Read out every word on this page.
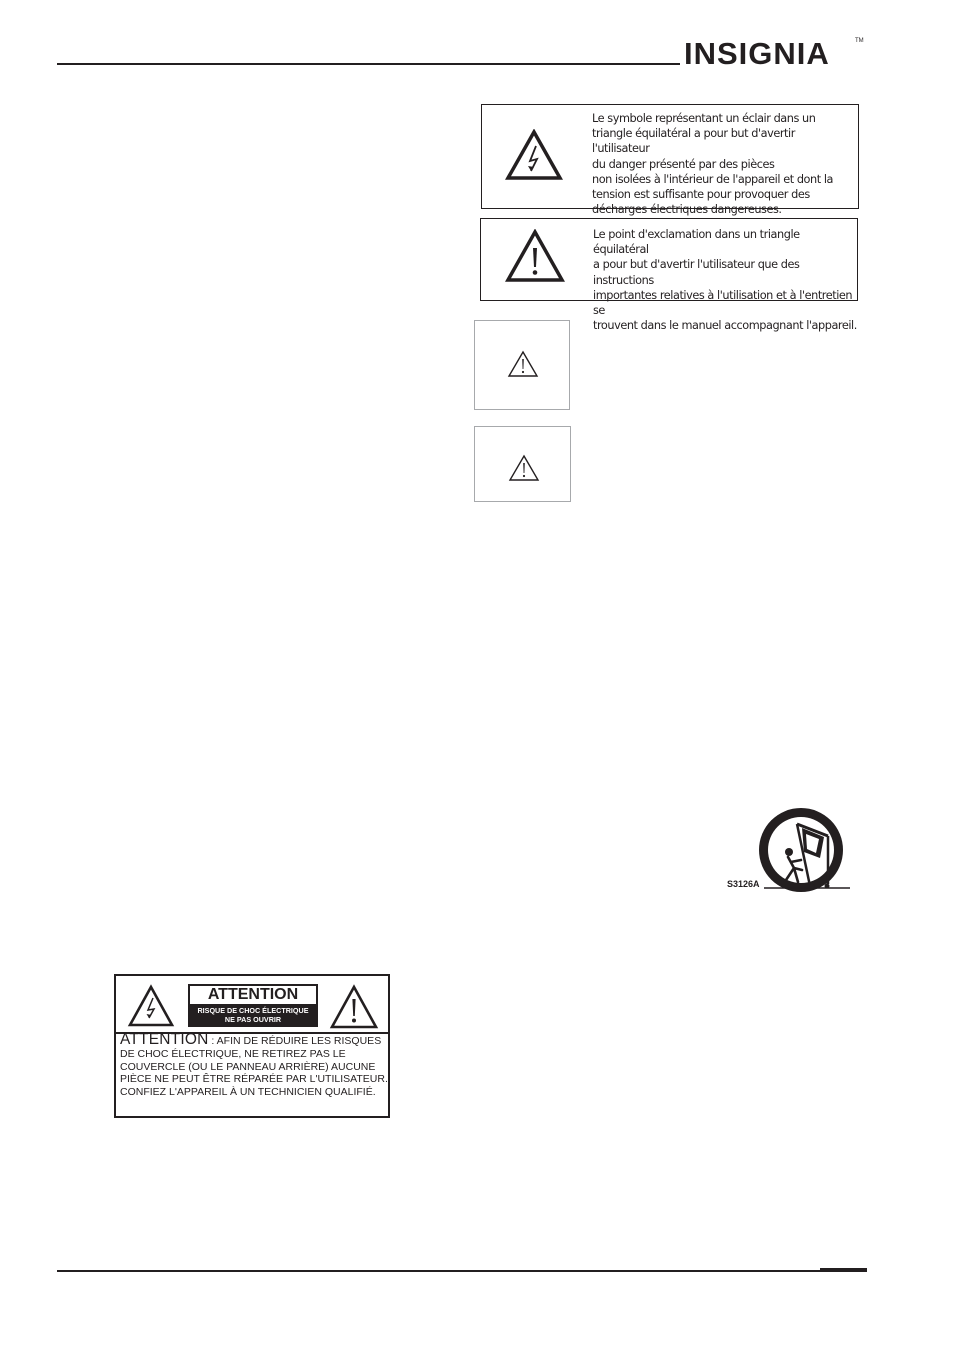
INSIGNIA	TM
Le symbole représentant un éclair dans un
triangle équilatéral a pour but d'avertir l'utilisateur
du danger présenté par des pièces
non isolées à l'intérieur de l'appareil et dont la
tension est suffisante pour provoquer des
décharges électriques dangereuses.
Le point d'exclamation dans un triangle équilatéral
a pour but d'avertir l'utilisateur que des instructions
importantes relatives à l'utilisation et à l'entretien se
trouvent dans le manuel accompagnant l'appareil.
S3126A
ATTENTION
RISQUE DE CHOC ÉLECTRIQUE
NE PAS OUVRIR
ATTENTION : AFIN DE RÉDUIRE LES RISQUES DE CHOC ÉLECTRIQUE, NE RETIREZ PAS LE COUVERCLE (OU LE PANNEAU ARRIÈRE) AUCUNE PIÈCE NE PEUT ÊTRE RÉPARÉE PAR L'UTILISATEUR. CONFIEZ L'APPAREIL À UN TECHNICIEN QUALIFIÉ.
